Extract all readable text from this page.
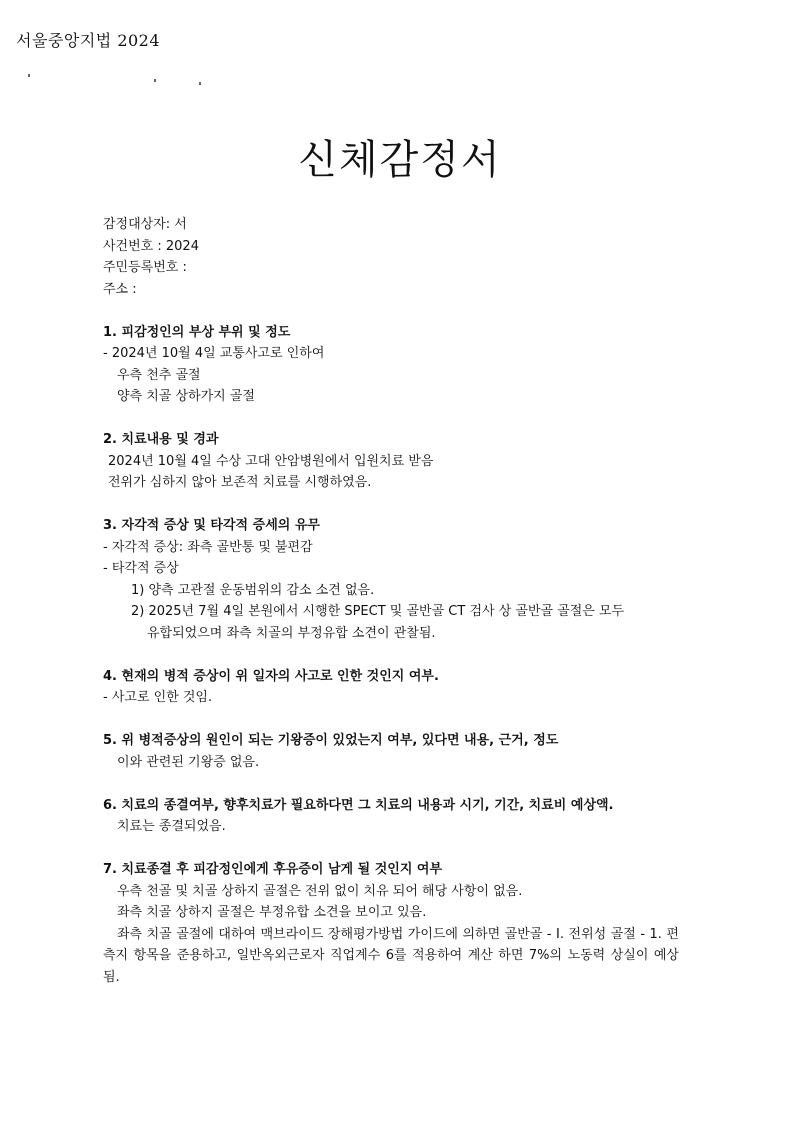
서울중앙지법 2024
신체감정서
감정대상자: 서
사건번호 : 2024
주민등록번호 :
주소 :
1. 피감정인의 부상 부위 및 정도
- 2024년 10월 4일 교통사고로 인하여
우측 천추 골절
양측 치골 상하가지 골절
2. 치료내용 및 경과
2024년 10월 4일 수상 고대 안암병원에서 입원치료 받음
전위가 심하지 않아 보존적 치료를 시행하였음.
3. 자각적 증상 및 타각적 증세의 유무
- 자각적 증상: 좌측 골반통 및 불편감
- 타각적 증상
1) 양측 고관절 운동범위의 감소 소견 없음.
2) 2025년 7월 4일 본원에서 시행한 SPECT 및 골반골 CT 검사 상 골반골 골절은 모두
유합되었으며 좌측 치골의 부정유합 소견이 관찰됨.
4. 현재의 병적 증상이 위 일자의 사고로 인한 것인지 여부.
- 사고로 인한 것임.
5. 위 병적증상의 원인이 되는 기왕증이 있었는지 여부, 있다면 내용, 근거, 정도
이와 관련된 기왕증 없음.
6. 치료의 종결여부, 향후치료가 필요하다면 그 치료의 내용과 시기, 기간, 치료비 예상액.
치료는 종결되었음.
7. 치료종결 후 피감정인에게 후유증이 남게 될 것인지 여부
우측 천골 및 치골 상하지 골절은 전위 없이 치유 되어 해당 사항이 없음.
좌측 치골 상하지 골절은 부정유합 소견을 보이고 있음.
좌측 치골 골절에 대하여 맥브라이드 장해평가방법 가이드에 의하면 골반골 - I. 전위성 골절 - 1. 편측지 항목을 준용하고, 일반옥외근로자 직업계수 6를 적용하여 계산 하면 7%의 노동력 상실이 예상됨.
